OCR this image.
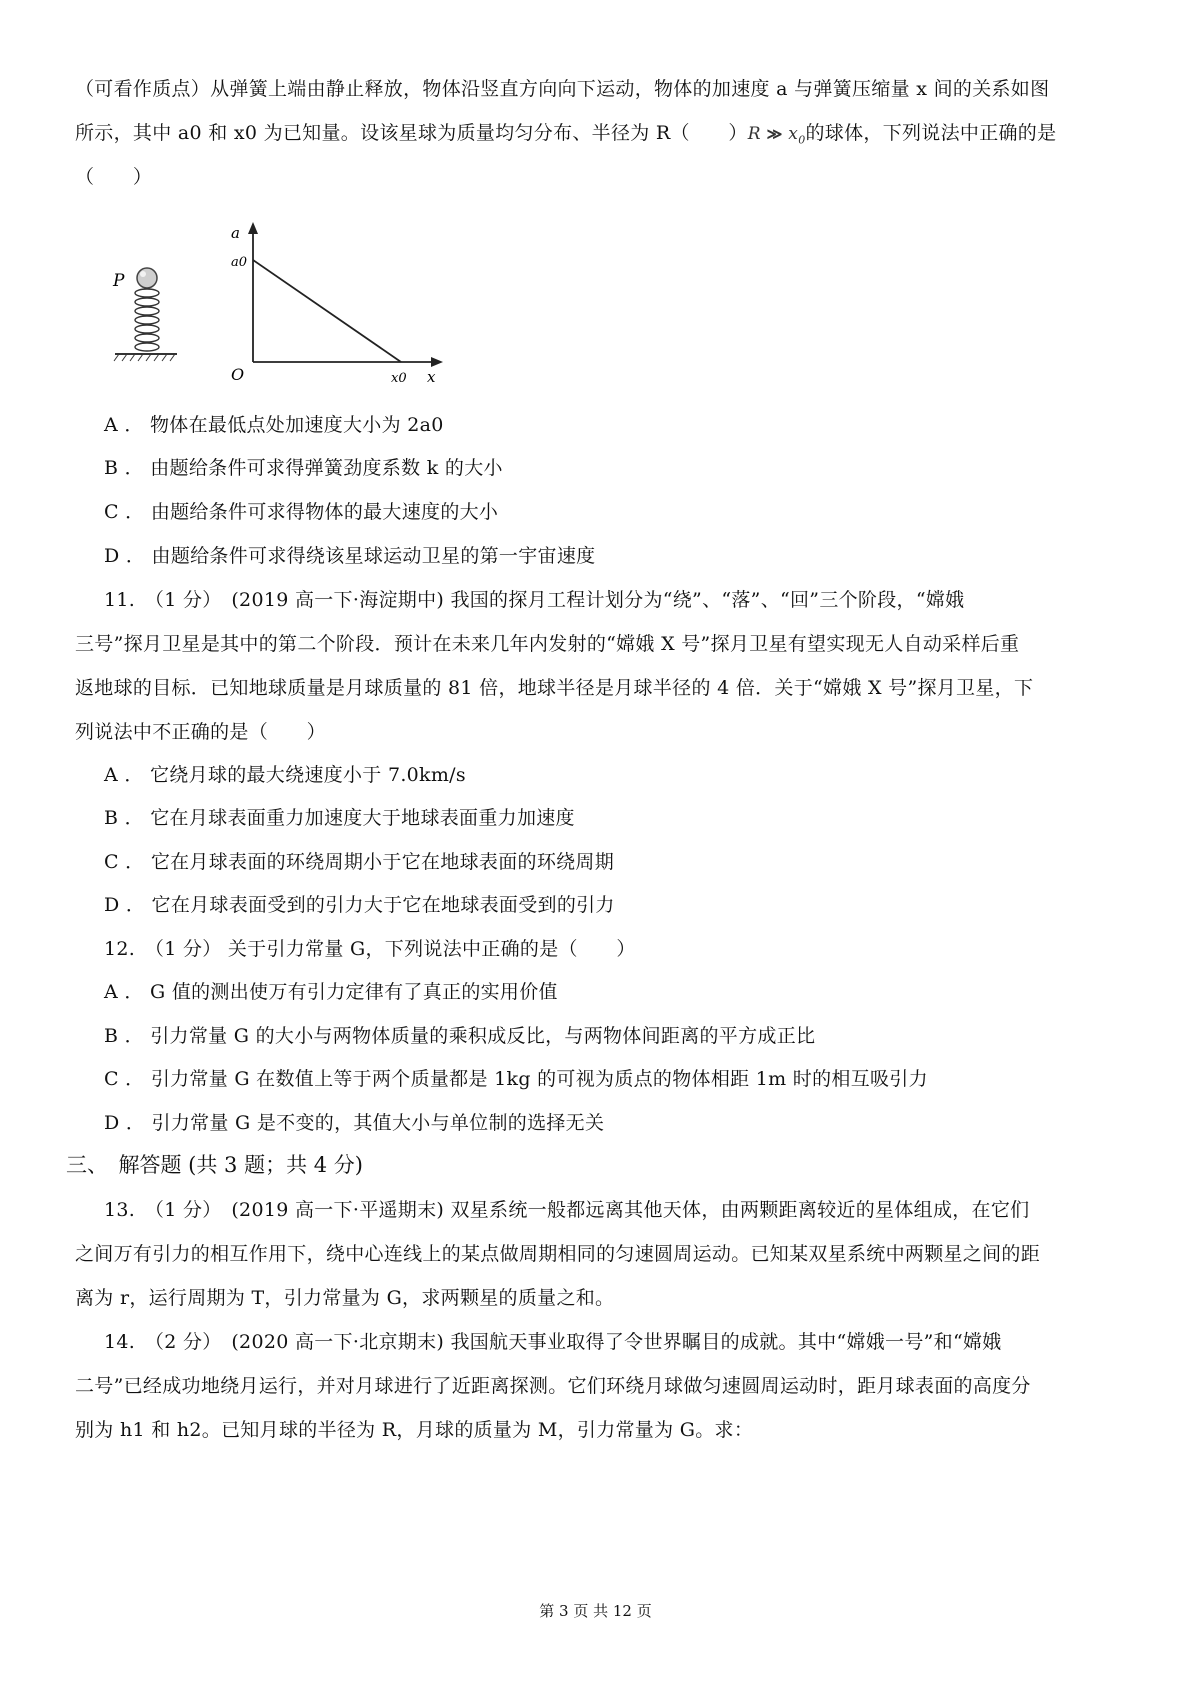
（可看作质点）从弹簧上端由静止释放，物体沿竖直方向向下运动，物体的加速度 a 与弹簧压缩量 x 间的关系如图
所示，其中 a0 和 x0 为已知量。设该星球为质量均匀分布、半径为 R（　　）R ≫ $x_0$的球体，下列说法中正确的是
（　　）
P
a
a0
O	x0 x
A ． 物体在最低点处加速度大小为 2a0
B ． 由题给条件可求得弹簧劲度系数 k 的大小
C ． 由题给条件可求得物体的最大速度的大小
D ． 由题给条件可求得绕该星球运动卫星的第一宇宙速度
11.　（1 分）　(2019 高一下·海淀期中) 我国的探月工程计划分为“绕”、“落”、“回”三个阶段，“嫦娥
三号”探月卫星是其中的第二个阶段．预计在未来几年内发射的“嫦娥 X 号”探月卫星有望实现无人自动采样后重
返地球的目标．已知地球质量是月球质量的 81 倍，地球半径是月球半径的 4 倍．关于“嫦娥 X 号”探月卫星，下
列说法中不正确的是（　　）
A ． 它绕月球的最大绕速度小于 7.0km/s
B ． 它在月球表面重力加速度大于地球表面重力加速度
C ． 它在月球表面的环绕周期小于它在地球表面的环绕周期
D ． 它在月球表面受到的引力大于它在地球表面受到的引力
12.　（1 分） 关于引力常量 G，下列说法中正确的是（　　）
A ． G 值的测出使万有引力定律有了真正的实用价值
B ． 引力常量 G 的大小与两物体质量的乘积成反比，与两物体间距离的平方成正比
C ． 引力常量 G 在数值上等于两个质量都是 1kg 的可视为质点的物体相距 1m 时的相互吸引力
D ． 引力常量 G 是不变的，其值大小与单位制的选择无关
三、　解答题 (共 3 题；共 4 分)
13.　（1 分）　(2019 高一下·平遥期末) 双星系统一般都远离其他天体，由两颗距离较近的星体组成，在它们
之间万有引力的相互作用下，绕中心连线上的某点做周期相同的匀速圆周运动。已知某双星系统中两颗星之间的距
离为 r，运行周期为 T，引力常量为 G，求两颗星的质量之和。
14.　（2 分）　(2020 高一下·北京期末) 我国航天事业取得了令世界瞩目的成就。其中“嫦娥一号”和“嫦娥
二号”已经成功地绕月运行，并对月球进行了近距离探测。它们环绕月球做匀速圆周运动时，距月球表面的高度分
别为 h1 和 h2。已知月球的半径为 R，月球的质量为 M，引力常量为 G。求：
第 3 页 共 12 页
